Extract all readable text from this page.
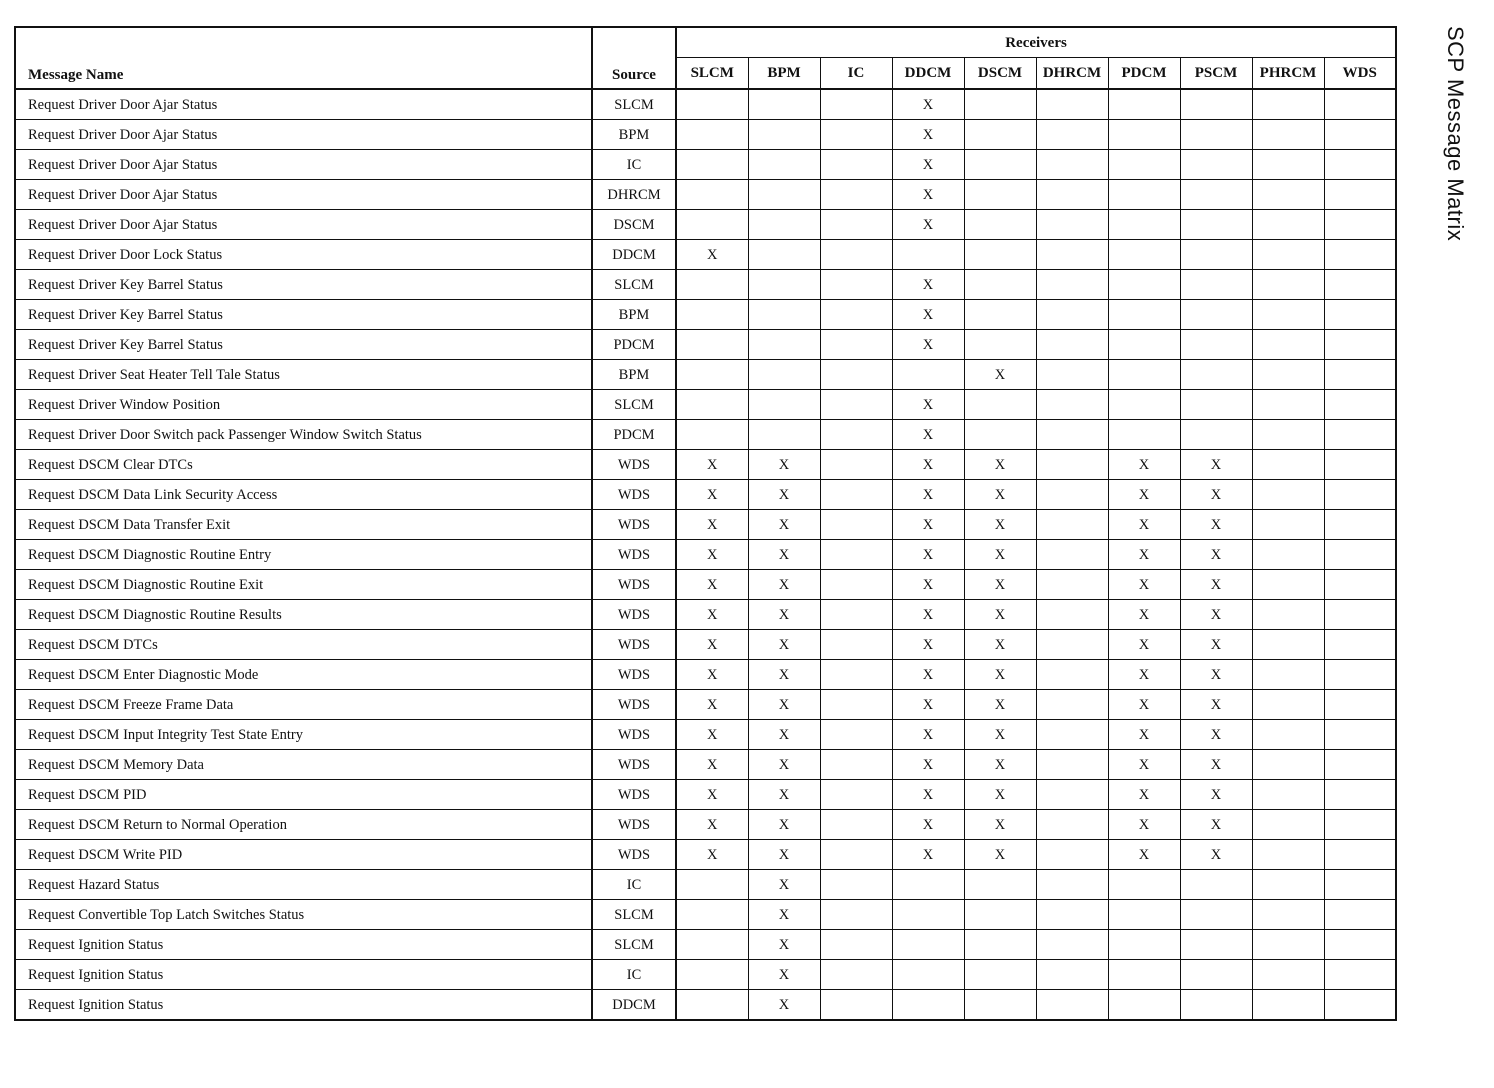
Message Name	Source	Receivers									
		SLCM	BPM	IC	DDCM	DSCM	DHRCM	PDCM	PSCM	PHRCM	WDS
Request Driver Door Ajar Status	SLCM				X						
Request Driver Door Ajar Status	BPM				X						
Request Driver Door Ajar Status	IC				X						
Request Driver Door Ajar Status	DHRCM				X						
Request Driver Door Ajar Status	DSCM				X						
Request Driver Door Lock Status	DDCM	X									
Request Driver Key Barrel Status	SLCM				X						
Request Driver Key Barrel Status	BPM				X						
Request Driver Key Barrel Status	PDCM				X						
Request Driver Seat Heater Tell Tale Status	BPM					X					
Request Driver Window Position	SLCM				X						
Request Driver Door Switch pack Passenger Window Switch Status	PDCM				X						
Request DSCM Clear DTCs	WDS	X	X		X	X		X	X		
Request DSCM Data Link Security Access	WDS	X	X		X	X		X	X		
Request DSCM Data Transfer Exit	WDS	X	X		X	X		X	X		
Request DSCM Diagnostic Routine Entry	WDS	X	X		X	X		X	X		
Request DSCM Diagnostic Routine Exit	WDS	X	X		X	X		X	X		
Request DSCM Diagnostic Routine Results	WDS	X	X		X	X		X	X		
Request DSCM DTCs	WDS	X	X		X	X		X	X		
Request DSCM Enter Diagnostic Mode	WDS	X	X		X	X		X	X		
Request DSCM Freeze Frame Data	WDS	X	X		X	X		X	X		
Request DSCM Input Integrity Test State Entry	WDS	X	X		X	X		X	X		
Request DSCM Memory Data	WDS	X	X		X	X		X	X		
Request DSCM PID	WDS	X	X		X	X		X	X		
Request DSCM Return to Normal Operation	WDS	X	X		X	X		X	X		
Request DSCM Write PID	WDS	X	X		X	X		X	X		
Request Hazard Status	IC		X								
Request Convertible Top Latch Switches Status	SLCM		X								
Request Ignition Status	SLCM		X								
Request Ignition Status	IC		X								
Request Ignition Status	DDCM		X								
SCP Message Matrix
